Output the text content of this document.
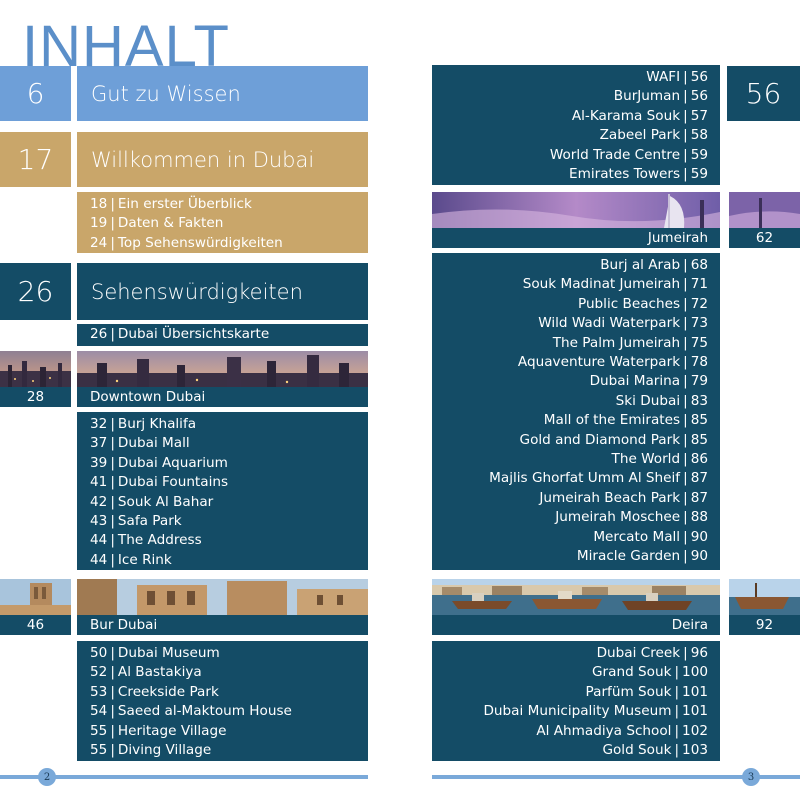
INHALT
6	Gut zu Wissen
17	Willkommen in Dubai
18 | Ein erster Überblick
19 | Daten & Fakten
24 | Top Sehenswürdigkeiten
26	Sehenswürdigkeiten
26 | Dubai Übersichtskarte
28	Downtown Dubai
32 | Burj Khalifa
37 | Dubai Mall
39 | Dubai Aquarium
41 | Dubai Fountains
42 | Souk Al Bahar
43 | Safa Park
44 | The Address
44 | Ice Rink
46	Bur Dubai
50 | Dubai Museum
52 | Al Bastakiya
53 | Creekside Park
54 | Saeed al-Maktoum House
55 | Heritage Village
55 | Diving Village
WAFI | 56
BurJuman | 56
Al-Karama Souk | 57
Zabeel Park | 58
World Trade Centre | 59
Emirates Towers | 59
56
Jumeirah	62
Burj al Arab | 68
Souk Madinat Jumeirah | 71
Public Beaches | 72
Wild Wadi Waterpark | 73
The Palm Jumeirah | 75
Aquaventure Waterpark | 78
Dubai Marina | 79
Ski Dubai | 83
Mall of the Emirates | 85
Gold and Diamond Park | 85
The World | 86
Majlis Ghorfat Umm Al Sheif | 87
Jumeirah Beach Park | 87
Jumeirah Moschee | 88
Mercato Mall | 90
Miracle Garden | 90
Deira	92
Dubai Creek | 96
Grand Souk | 100
Parfüm Souk | 101
Dubai Municipality Museum | 101
Al Ahmadiya School | 102
Gold Souk | 103
2	3
